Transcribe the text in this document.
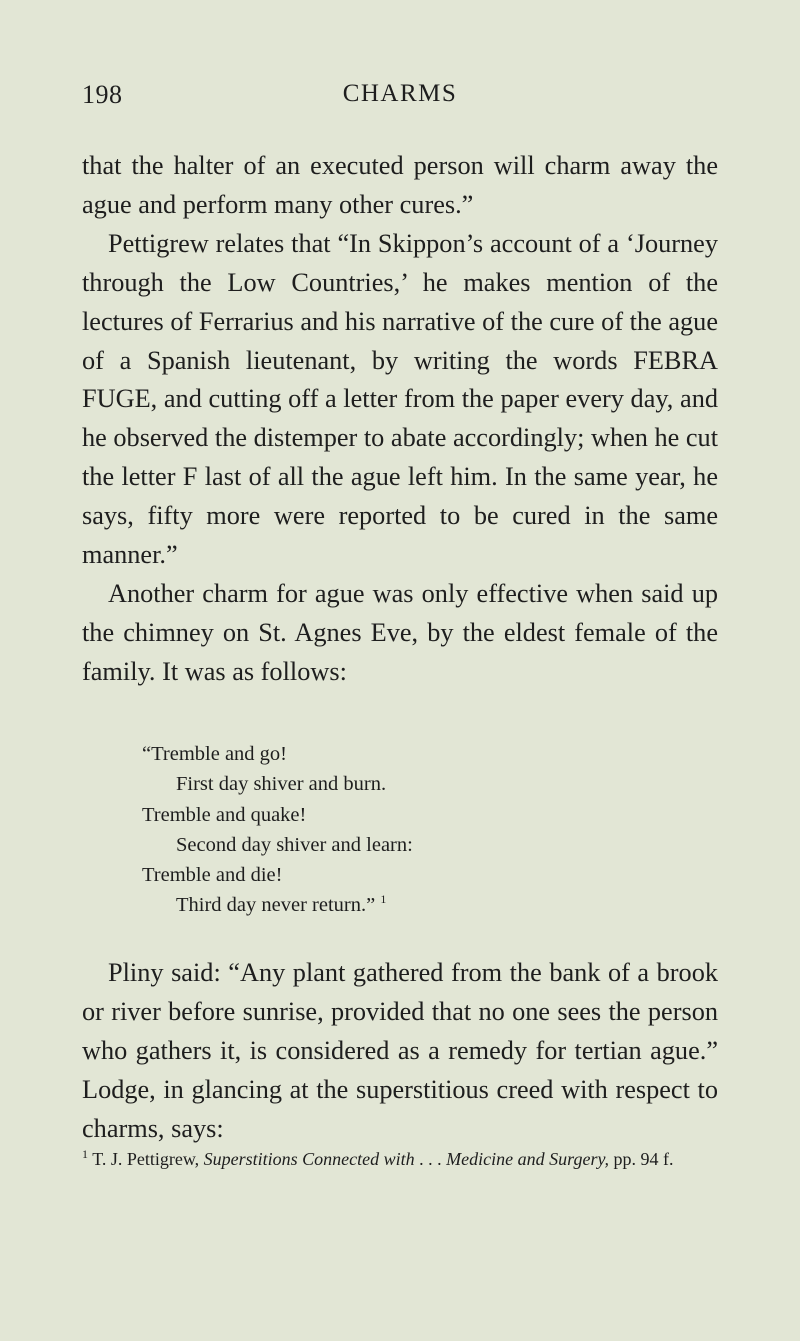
198	CHARMS

that the halter of an executed person will charm away the ague and perform many other cures.”

Pettigrew relates that “In Skippon’s account of a ‘Journey through the Low Countries,’ he makes mention of the lectures of Ferrarius and his narrative of the cure of the ague of a Spanish lieutenant, by writing the words FEBRA FUGE, and cutting off a letter from the paper every day, and he observed the distemper to abate accordingly; when he cut the letter F last of all the ague left him. In the same year, he says, fifty more were reported to be cured in the same manner.”

Another charm for ague was only effective when said up the chimney on St. Agnes Eve, by the eldest female of the family. It was as follows:

“Tremble and go!
First day shiver and burn.
Tremble and quake!
Second day shiver and learn:
Tremble and die!
Third day never return.” $^1$

Pliny said: “Any plant gathered from the bank of a brook or river before sunrise, provided that no one sees the person who gathers it, is considered as a remedy for tertian ague.” Lodge, in glancing at the superstitious creed with respect to charms, says:

$^1$ T. J. Pettigrew, Superstitions Connected with . . . Medicine and Surgery, pp. 94 f.
